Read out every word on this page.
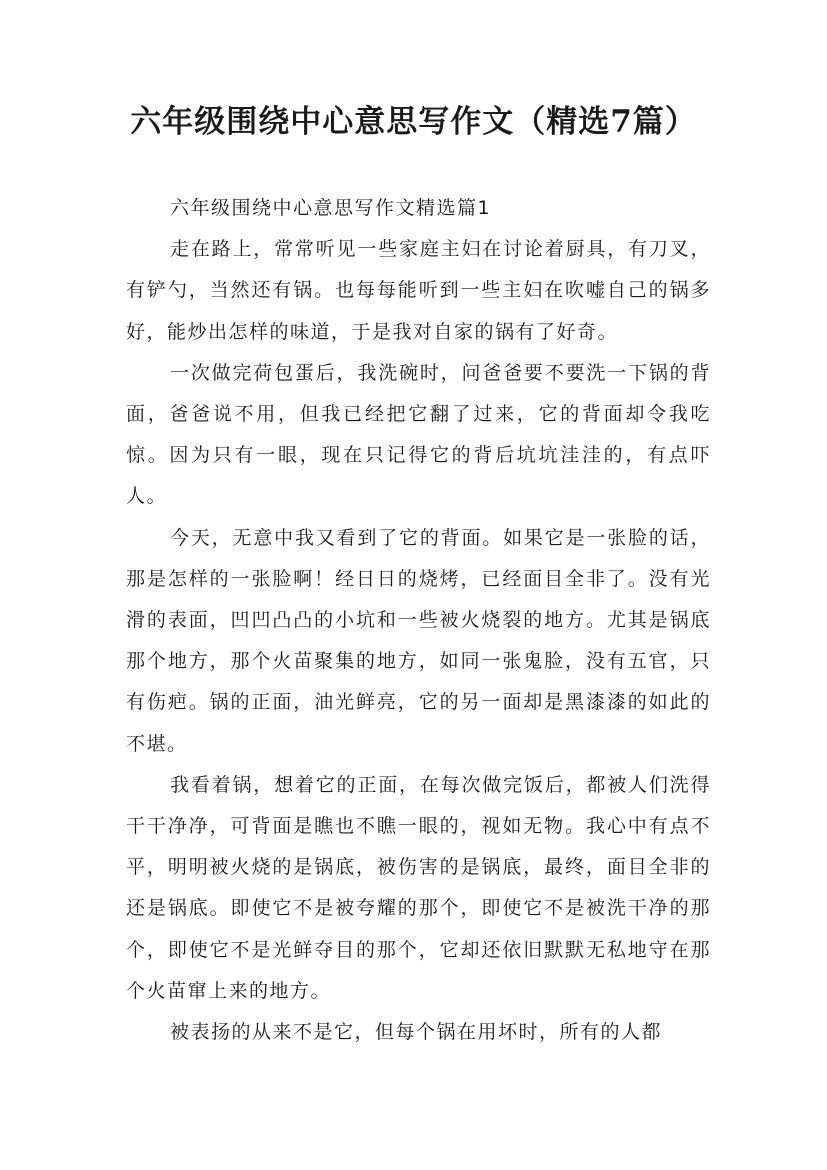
六年级围绕中心意思写作文（精选7篇）

六年级围绕中心意思写作文精选篇1

走在路上，常常听见一些家庭主妇在讨论着厨具，有刀叉，有铲勺，当然还有锅。也每每能听到一些主妇在吹嘘自己的锅多好，能炒出怎样的味道，于是我对自家的锅有了好奇。

一次做完荷包蛋后，我洗碗时，问爸爸要不要洗一下锅的背面，爸爸说不用，但我已经把它翻了过来，它的背面却令我吃惊。因为只有一眼，现在只记得它的背后坑坑洼洼的，有点吓人。

今天，无意中我又看到了它的背面。如果它是一张脸的话，那是怎样的一张脸啊！经日日的烧烤，已经面目全非了。没有光滑的表面，凹凹凸凸的小坑和一些被火烧裂的地方。尤其是锅底那个地方，那个火苗聚集的地方，如同一张鬼脸，没有五官，只有伤疤。锅的正面，油光鲜亮，它的另一面却是黑漆漆的如此的不堪。

我看着锅，想着它的正面，在每次做完饭后，都被人们洗得干干净净，可背面是瞧也不瞧一眼的，视如无物。我心中有点不平，明明被火烧的是锅底，被伤害的是锅底，最终，面目全非的还是锅底。即使它不是被夸耀的那个，即使它不是被洗干净的那个，即使它不是光鲜夺目的那个，它却还依旧默默无私地守在那个火苗窜上来的地方。

被表扬的从来不是它，但每个锅在用坏时，所有的人都
